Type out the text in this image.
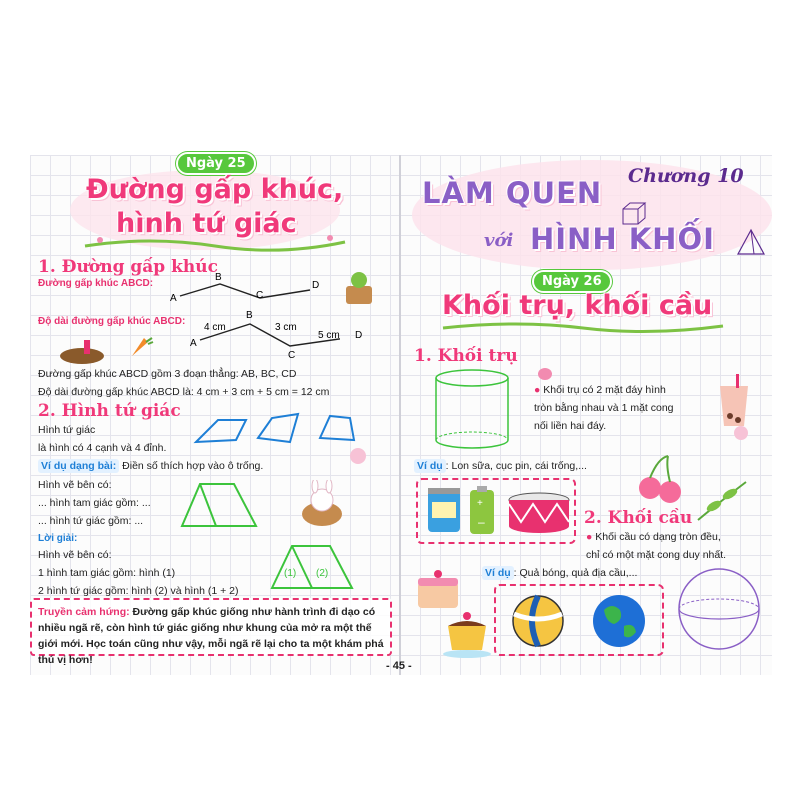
Ngày 25
Đường gấp khúc,
hình tứ giác
1. Đường gấp khúc
Đường gấp khúc ABCD:
Độ dài đường gấp khúc ABCD:
A
B
C
D
A
B
C
4 cm	3 cm
5 cm D
Đường gấp khúc ABCD gồm 3 đoạn thẳng: AB, BC, CD
Độ dài đường gấp khúc ABCD là: 4 cm + 3 cm + 5 cm = 12 cm
2. Hình tứ giác
Hình tứ giác
là hình có 4 cạnh và 4 đỉnh.
Ví dụ dạng bài: Điền số thích hợp vào ô trống.
Hình vẽ bên có:
... hình tam giác gồm: ...
... hình tứ giác gồm: ...
Lời giải:
Hình vẽ bên có:
1 hình tam giác gồm: hình (1)
2 hình tứ giác gồm: hình (2) và hình (1 + 2)
(1) (2)
Truyền cảm hứng: Đường gấp khúc giống như hành trình đi dạo có nhiều ngã rẽ, còn hình tứ giác giống như khung của mở ra một thế giới mới. Học toán cũng như vậy, mỗi ngã rẽ lại cho ta một khám phá thú vị hơn!
LÀM QUEN Chương 10
với HÌNH KHỐI
Ngày 26
Khối trụ, khối cầu
1. Khối trụ
● Khối trụ có 2 mặt đáy hình
tròn bằng nhau và 1 mặt cong
nối liền hai đáy.
Ví dụ : Lon sữa, cục pin, cái trống,...
+
–	2. Khối cầu
● Khối cầu có dạng tròn đều,
chỉ có một mặt cong duy nhất.
Ví dụ : Quả bóng, quả địa cầu,...
- 45 -
